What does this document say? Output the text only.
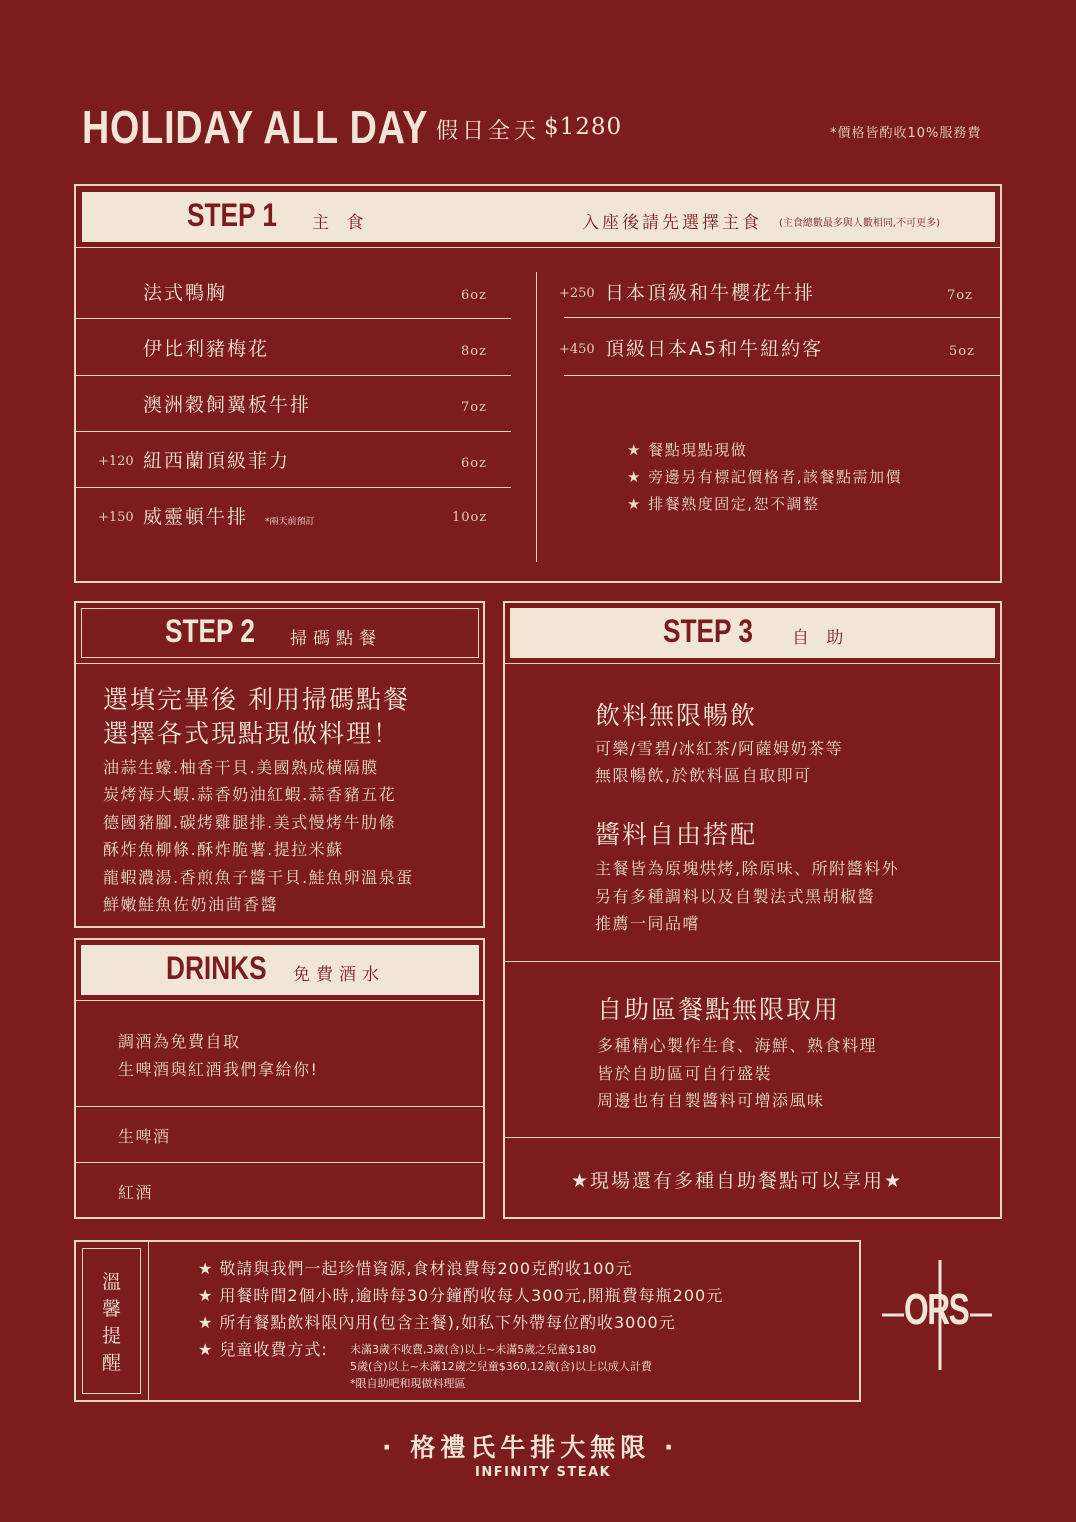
HOLIDAY ALL DAY 假日全天 $1280	*價格皆酌收10%服務費
STEP 1 主 食	入座後請先選擇主食 (主食總數最多與人數相同,不可更多)
法式鴨胸	6oz
伊比利豬梅花	8oz
澳洲穀飼翼板牛排	7oz
+120 紐西蘭頂級菲力	6oz
+150 威靈頓牛排 *兩天前預訂	10oz
+250 日本頂級和牛櫻花牛排	7oz
+450 頂級日本A5和牛紐約客	5oz
★ 餐點現點現做
★ 旁邊另有標記價格者,該餐點需加價
★ 排餐熟度固定,恕不調整
STEP 2 掃碼點餐
選填完畢後 利用掃碼點餐
選擇各式現點現做料理！
油蒜生蠔.柚香干貝.美國熟成橫隔膜
炭烤海大蝦.蒜香奶油紅蝦.蒜香豬五花
德國豬腳.碳烤雞腿排.美式慢烤牛肋條
酥炸魚柳條.酥炸脆薯.提拉米蘇
龍蝦濃湯.香煎魚子醬干貝.鮭魚卵溫泉蛋
鮮嫩鮭魚佐奶油茴香醬
DRINKS 免費酒水
調酒為免費自取
生啤酒與紅酒我們拿給你!
生啤酒
紅酒
STEP 3 自 助
飲料無限暢飲
可樂/雪碧/冰紅茶/阿薩姆奶茶等
無限暢飲,於飲料區自取即可
醬料自由搭配
主餐皆為原塊烘烤,除原味、所附醬料外
另有多種調料以及自製法式黑胡椒醬
推薦一同品嚐
自助區餐點無限取用
多種精心製作生食、海鮮、熟食料理
皆於自助區可自行盛裝
周邊也有自製醬料可增添風味
★現場還有多種自助餐點可以享用★
溫
馨
提
醒
★ 敬請與我們一起珍惜資源,食材浪費每200克酌收100元
★ 用餐時間2個小時,逾時每30分鐘酌收每人300元,開瓶費每瓶200元
★ 所有餐點飲料限內用(包含主餐),如私下外帶每位酌收3000元
★ 兒童收費方式: 未滿3歲不收費,3歲(含)以上~未滿5歲之兒童$180
5歲(含)以上~未滿12歲之兒童$360,12歲(含)以上以成人計費
*限自助吧和現做料理區
ORS
· 格禮氏牛排大無限 ·
INFINITY STEAK
